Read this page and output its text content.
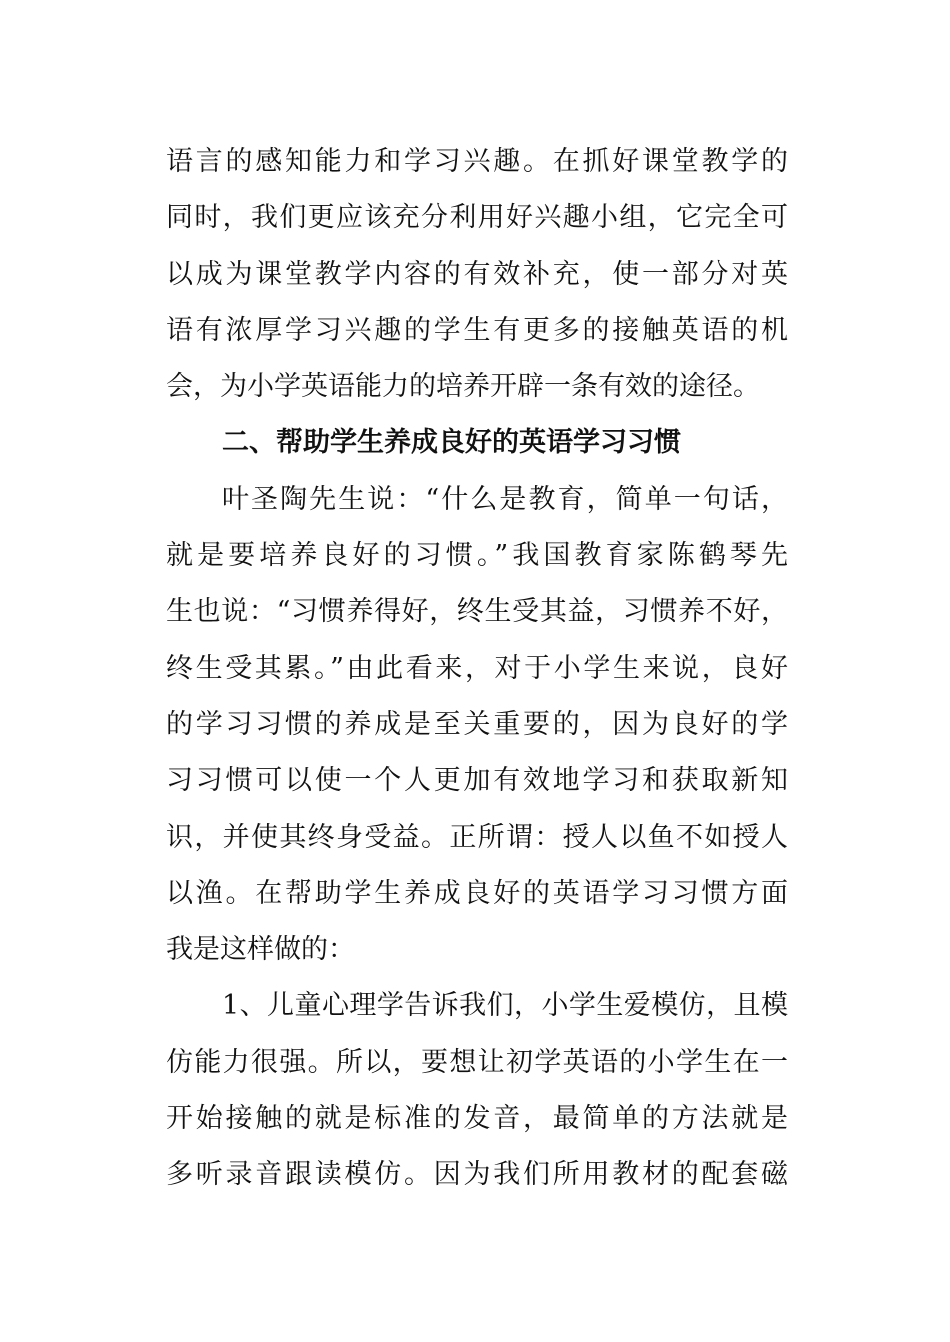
语言的感知能力和学习兴趣。在抓好课堂教学的
同时，我们更应该充分利用好兴趣小组，它完全可
以成为课堂教学内容的有效补充，使一部分对英
语有浓厚学习兴趣的学生有更多的接触英语的机
会，为小学英语能力的培养开辟一条有效的途径。
二、帮助学生养成良好的英语学习习惯
叶圣陶先生说：“什么是教育，简单一句话，
就是要培养良好的习惯。”我国教育家陈鹤琴先
生也说：“习惯养得好，终生受其益，习惯养不好，
终生受其累。”由此看来，对于小学生来说，良好
的学习习惯的养成是至关重要的，因为良好的学
习习惯可以使一个人更加有效地学习和获取新知
识，并使其终身受益。正所谓：授人以鱼不如授人
以渔。在帮助学生养成良好的英语学习习惯方面
我是这样做的：
1、儿童心理学告诉我们，小学生爱模仿，且模
仿能力很强。所以，要想让初学英语的小学生在一
开始接触的就是标准的发音，最简单的方法就是
多听录音跟读模仿。因为我们所用教材的配套磁
